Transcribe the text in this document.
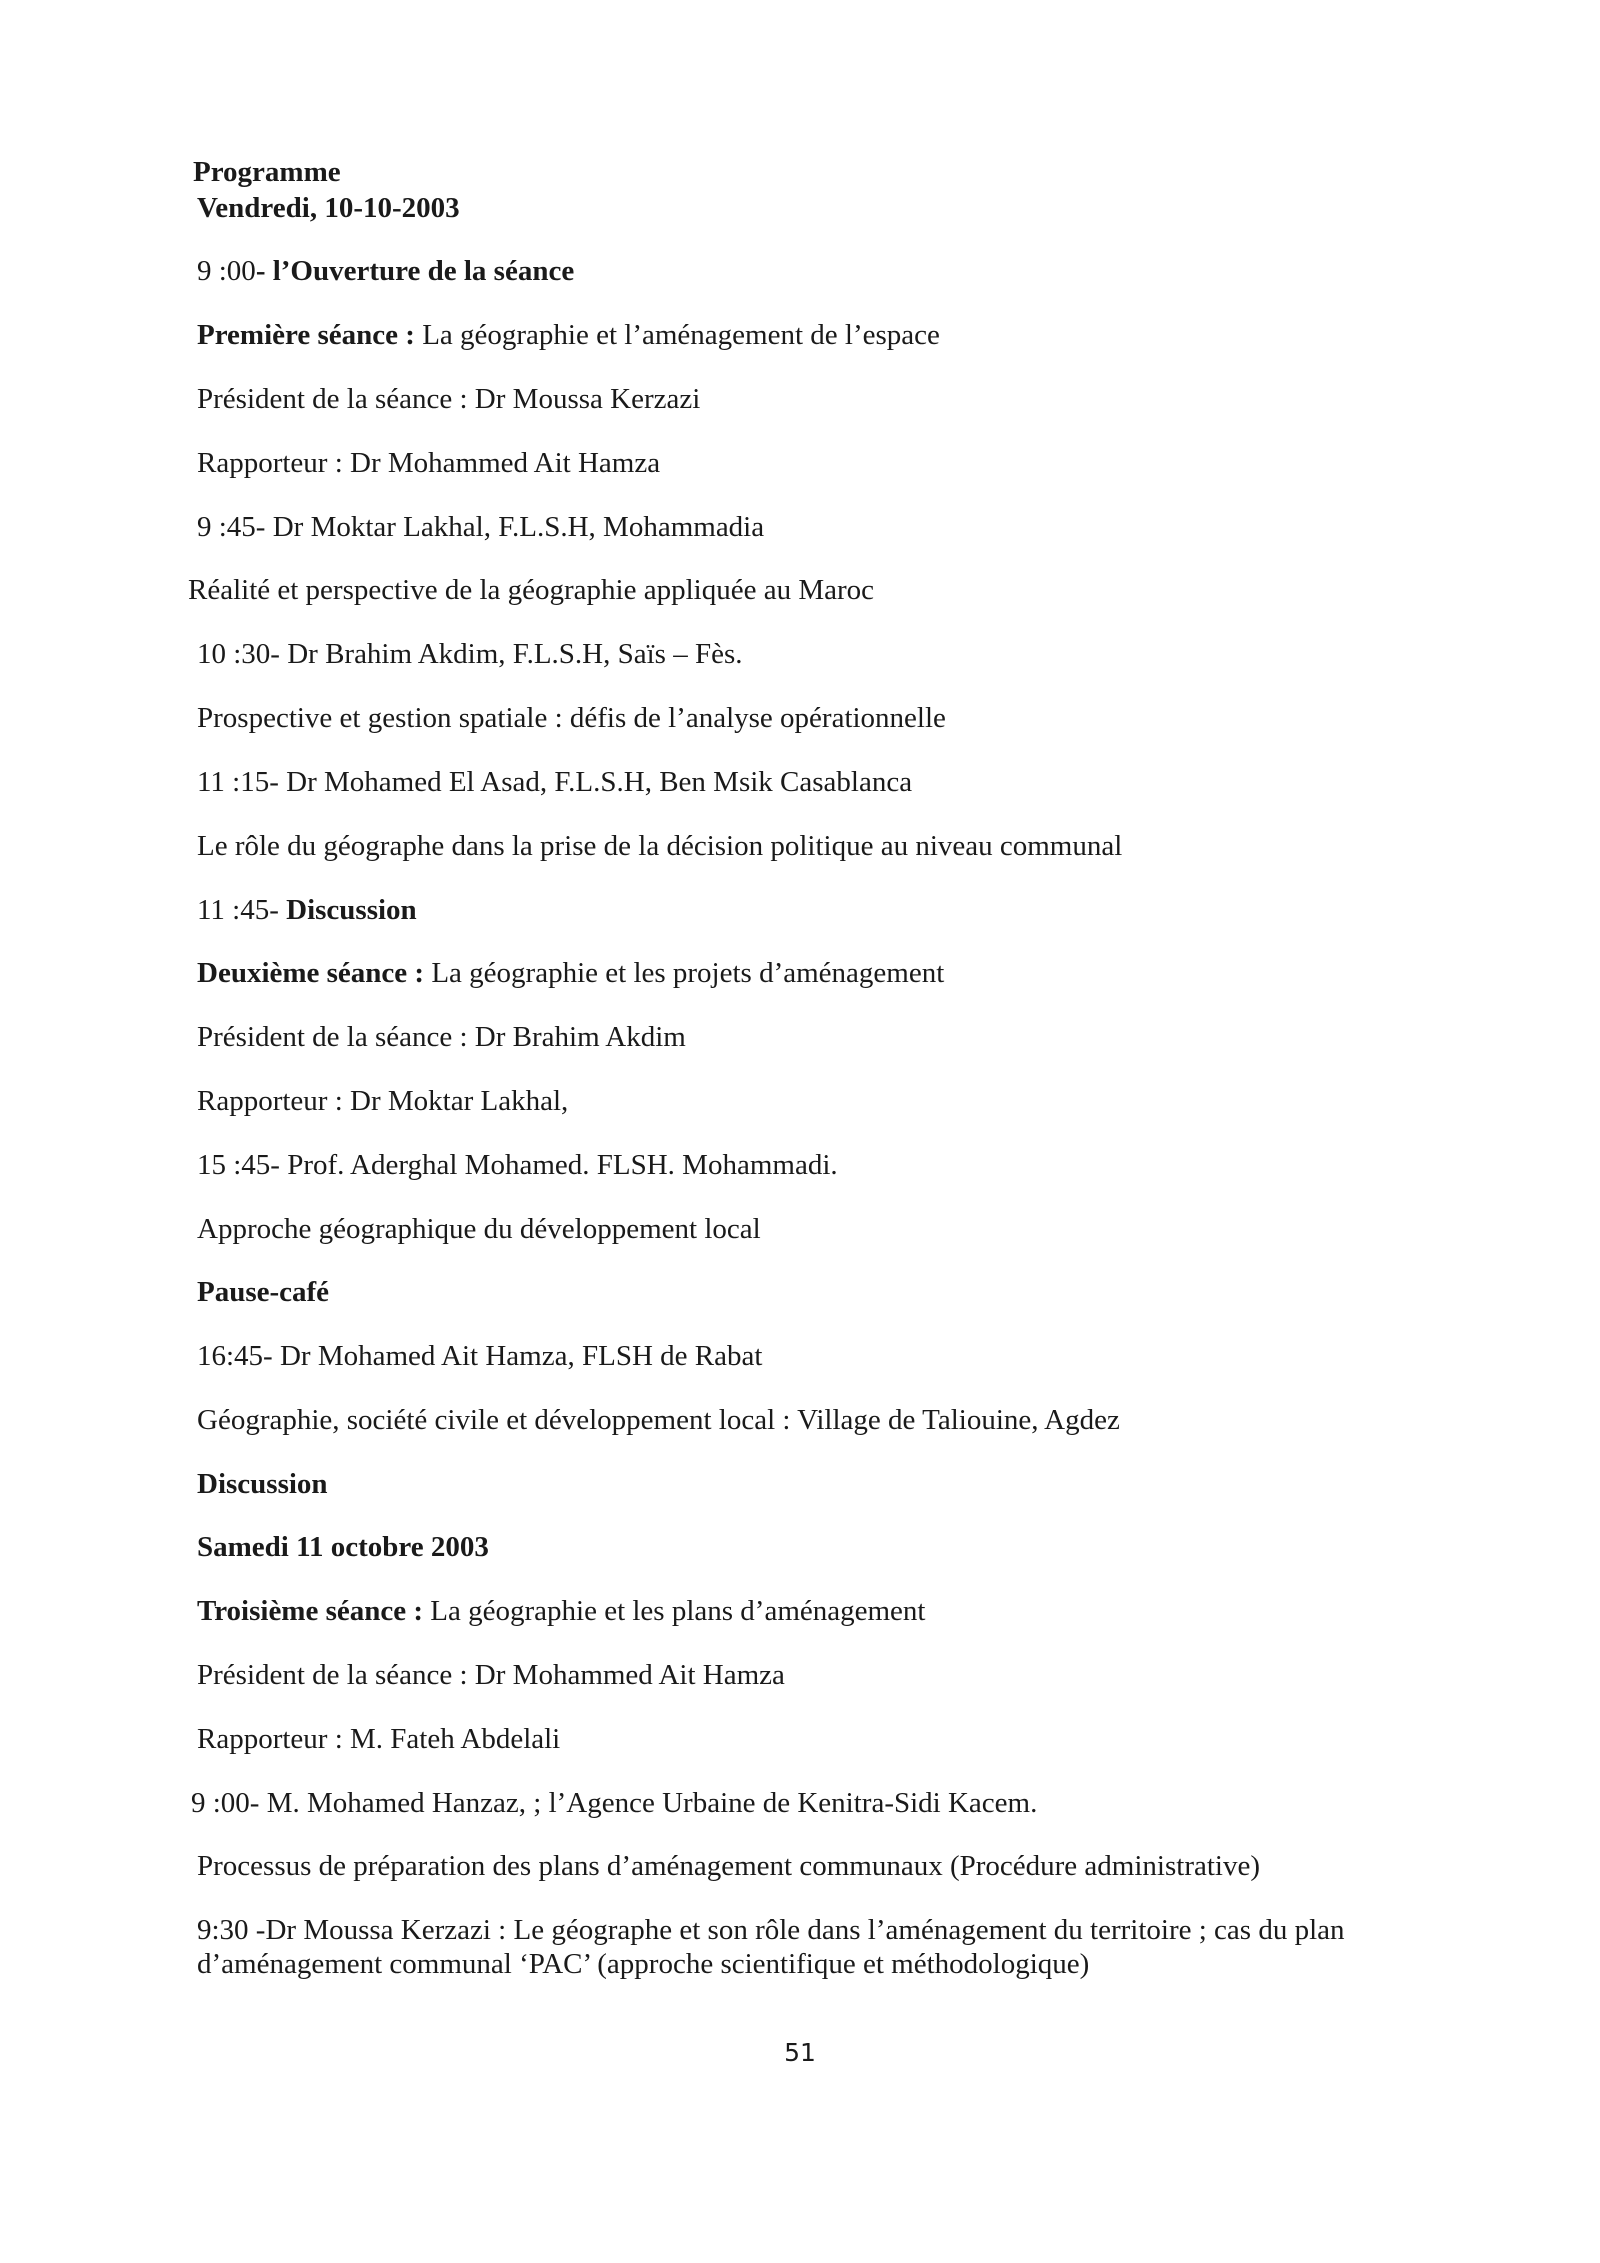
Programme
Vendredi, 10-10-2003
9 :00- l’Ouverture de la séance
Première séance : La géographie et l’aménagement de l’espace
Président de la séance : Dr Moussa Kerzazi
Rapporteur : Dr Mohammed Ait Hamza
9 :45- Dr Moktar Lakhal, F.L.S.H, Mohammadia
Réalité et perspective de la géographie appliquée au Maroc
10 :30- Dr Brahim Akdim, F.L.S.H, Saïs – Fès.
Prospective et gestion spatiale : défis de l’analyse opérationnelle
11 :15- Dr Mohamed El Asad, F.L.S.H, Ben Msik Casablanca
Le rôle du géographe dans la prise de la décision politique au niveau communal
11 :45- Discussion
Deuxième séance : La géographie et les projets d’aménagement
Président de la séance : Dr Brahim Akdim
Rapporteur : Dr Moktar Lakhal,
15 :45- Prof. Aderghal Mohamed. FLSH. Mohammadi.
Approche géographique du développement local
Pause-café
16:45- Dr Mohamed Ait Hamza, FLSH de Rabat
Géographie, société civile et développement local : Village de Taliouine, Agdez
Discussion
Samedi 11 octobre 2003
Troisième séance : La géographie et les plans d’aménagement
Président de la séance : Dr Mohammed Ait Hamza
Rapporteur : M. Fateh Abdelali
9 :00- M. Mohamed Hanzaz, ; l’Agence Urbaine de Kenitra-Sidi Kacem.
Processus de préparation des plans d’aménagement communaux (Procédure administrative)
9:30 -Dr Moussa Kerzazi : Le géographe et son rôle dans l’aménagement du territoire ; cas du plan d’aménagement communal ‘PAC’ (approche scientifique et méthodologique)
51
